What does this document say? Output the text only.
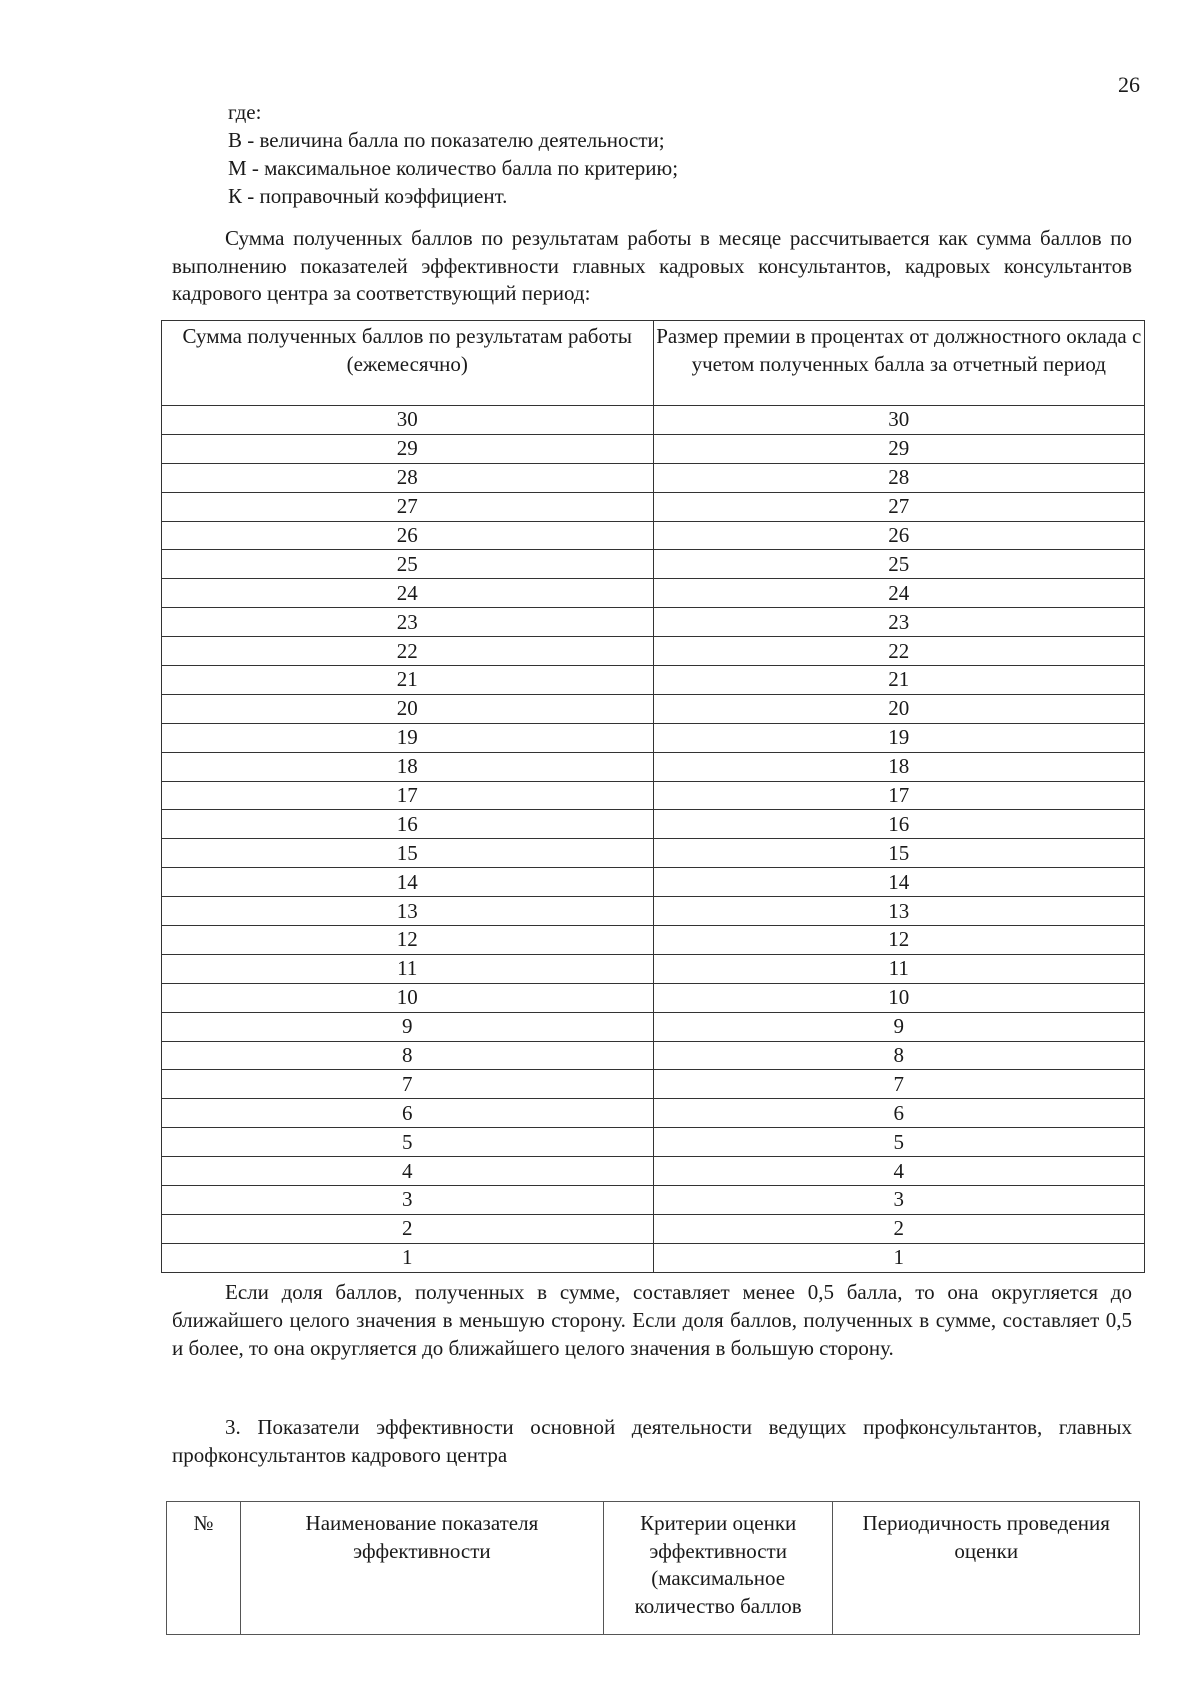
26
где:
В - величина балла по показателю деятельности;
М - максимальное количество балла по критерию;
К - поправочный коэффициент.
Сумма полученных баллов по результатам работы в месяце рассчитывается как сумма баллов по выполнению показателей эффективности главных кадровых консультантов, кадровых консультантов кадрового центра за соответствующий период:
Сумма полученных баллов по результатам работы (ежемесячно)	Размер премии в процентах от должностного оклада с учетом полученных балла за отчетный период
30	30
29	29
28	28
27	27
26	26
25	25
24	24
23	23
22	22
21	21
20	20
19	19
18	18
17	17
16	16
15	15
14	14
13	13
12	12
11	11
10	10
9	9
8	8
7	7
6	6
5	5
4	4
3	3
2	2
1	1
Если доля баллов, полученных в сумме, составляет менее 0,5 балла, то она округляется до ближайшего целого значения в меньшую сторону. Если доля баллов, полученных в сумме, составляет 0,5 и более, то она округляется до ближайшего целого значения в большую сторону.
3. Показатели эффективности основной деятельности ведущих профконсультантов, главных профконсультантов кадрового центра
№	Наименование показателя эффективности	Критерии оценки эффективности (максимальное количество баллов	Периодичность проведения оценки
